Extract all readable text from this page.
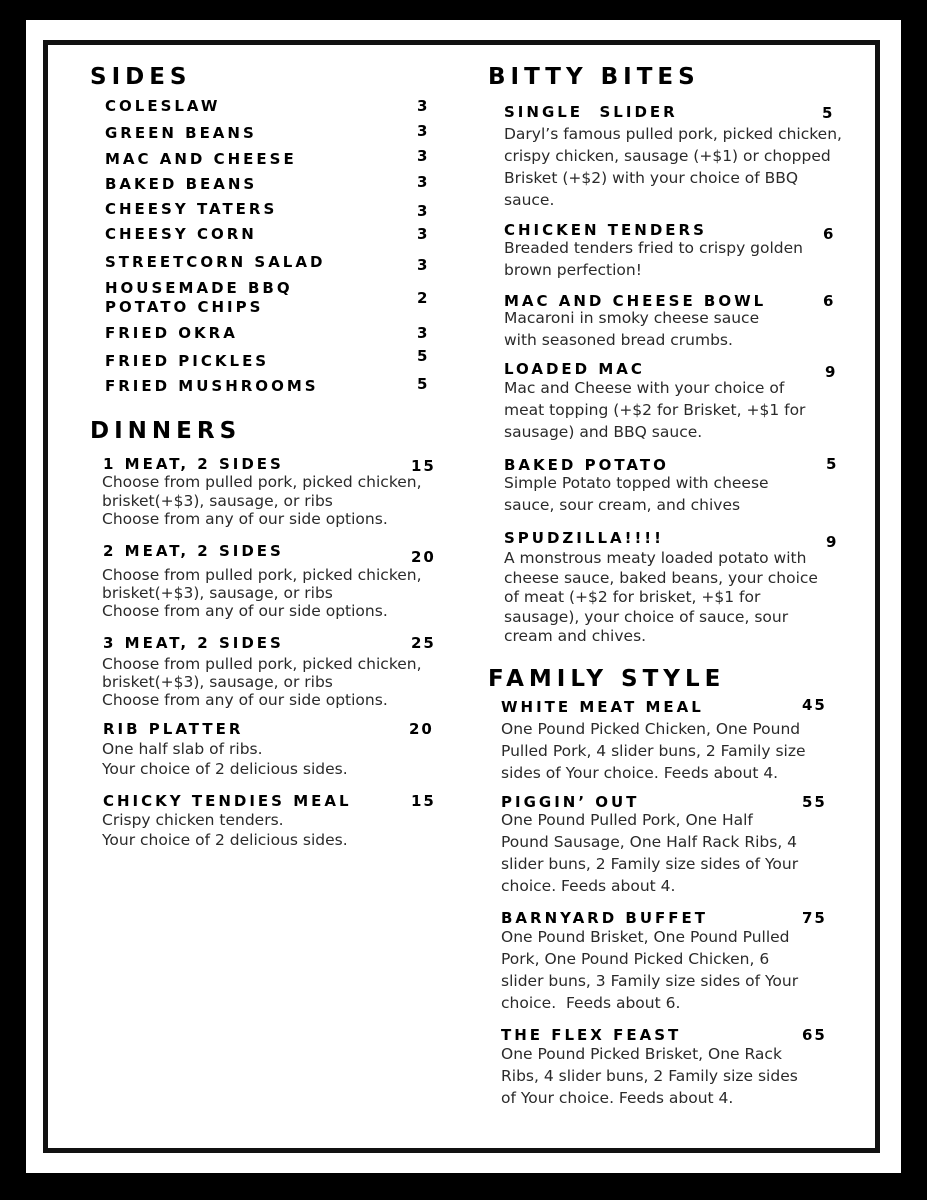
SIDES
COLESLAW	3
GREEN BEANS	3
MAC AND CHEESE	3
BAKED BEANS	3
CHEESY TATERS	3
CHEESY CORN	3
STREETCORN SALAD	3
HOUSEMADE BBQ
POTATO CHIPS	2
FRIED OKRA	3
FRIED PICKLES	5
FRIED MUSHROOMS	5
DINNERS
1 MEAT, 2 SIDES	15
Choose from pulled pork, picked chicken,
brisket(+$3), sausage, or ribs
Choose from any of our side options.
2 MEAT, 2 SIDES	20
Choose from pulled pork, picked chicken,
brisket(+$3), sausage, or ribs
Choose from any of our side options.
3 MEAT, 2 SIDES	25
Choose from pulled pork, picked chicken,
brisket(+$3), sausage, or ribs
Choose from any of our side options.
RIB PLATTER	20
One half slab of ribs.
Your choice of 2 delicious sides.
CHICKY TENDIES MEAL	15
Crispy chicken tenders.
Your choice of 2 delicious sides.
BITTY BITES
SINGLE  SLIDER	5
Daryl’s famous pulled pork, picked chicken,
crispy chicken, sausage (+$1) or chopped
Brisket (+$2) with your choice of BBQ
sauce.
CHICKEN TENDERS	6
Breaded tenders fried to crispy golden
brown perfection!
MAC AND CHEESE BOWL	6
Macaroni in smoky cheese sauce
with seasoned bread crumbs.
LOADED MAC	9
Mac and Cheese with your choice of
meat topping (+$2 for Brisket, +$1 for
sausage) and BBQ sauce.
BAKED POTATO	5
Simple Potato topped with cheese
sauce, sour cream, and chives
SPUDZILLA!!!!	9
A monstrous meaty loaded potato with
cheese sauce, baked beans, your choice
of meat (+$2 for brisket, +$1 for
sausage), your choice of sauce, sour
cream and chives.
FAMILY STYLE
WHITE MEAT MEAL	45
One Pound Picked Chicken, One Pound
Pulled Pork, 4 slider buns, 2 Family size
sides of Your choice. Feeds about 4.
PIGGIN’ OUT	55
One Pound Pulled Pork, One Half
Pound Sausage, One Half Rack Ribs, 4
slider buns, 2 Family size sides of Your
choice. Feeds about 4.
BARNYARD BUFFET	75
One Pound Brisket, One Pound Pulled
Pork, One Pound Picked Chicken, 6
slider buns, 3 Family size sides of Your
choice.  Feeds about 6.
THE FLEX FEAST	65
One Pound Picked Brisket, One Rack
Ribs, 4 slider buns, 2 Family size sides
of Your choice. Feeds about 4.
